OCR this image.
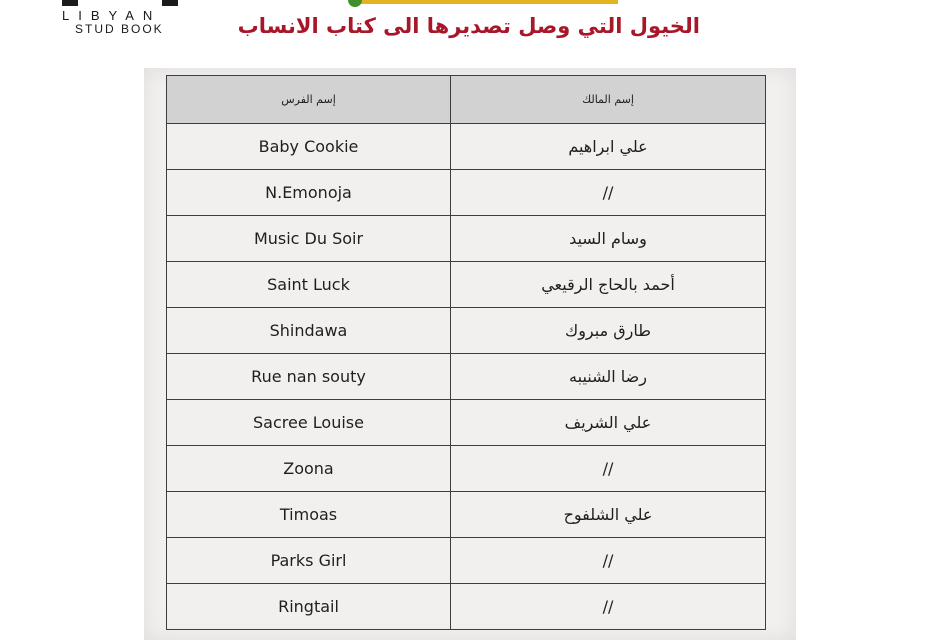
LIBYAN
STUD BOOK	الخيول التي وصل تصديرها الى كتاب الانساب
إسم الفرس	إسم المالك
Baby Cookie	علي ابراهيم
N.Emonoja	//
Music Du Soir	وسام السيد
Saint Luck	أحمد بالحاج الرقيعي
Shindawa	طارق مبروك
Rue nan souty	رضا الشنيبه
Sacree Louise	علي الشريف
Zoona	//
Timoas	علي الشلفوح
Parks Girl	//
Ringtail	//
